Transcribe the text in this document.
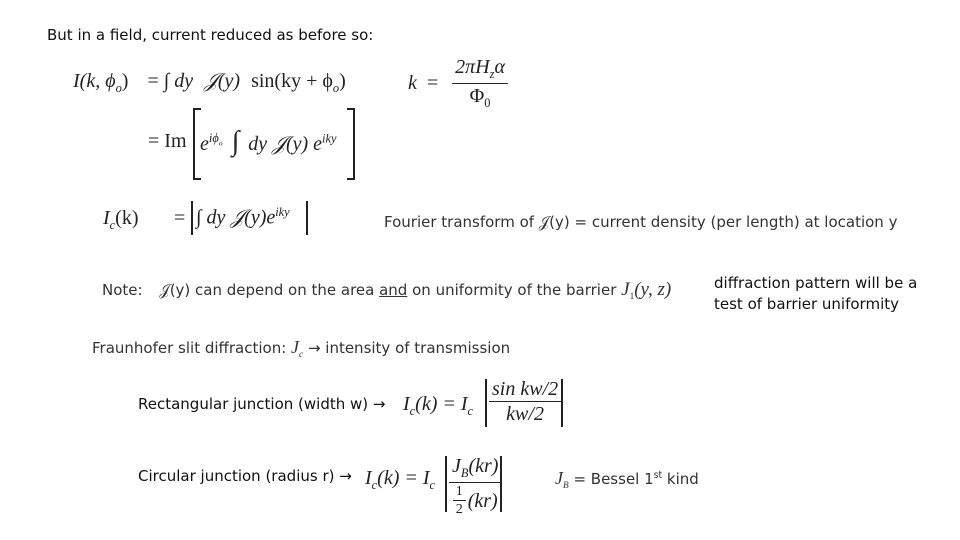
But in a field, current reduced as before so:
I(k, $\phi_o$) = ∫ dy 𝒥(y) $\sin(ky + \phi_o)$	$k = \frac{2\pi H_z\alpha}{\Phi_0}$
= Im $e^{i\phi_o}$ ∫ dy 𝒥(y) $e^{iky}$
$I_c(k)$ = ∫ dy $𝒥(y)e^{iky}$
Fourier transform of 𝒥(y) = current density (per length) at location y
Note: 𝒥(y) can depend on the area and on uniformity of the barrier $J_1(y$, z)	diffraction pattern will be a
test of barrier uniformity
Fraunhofer slit diffraction: $J_c$ → intensity of transmission
Rectangular junction (width $w) \to I_c(k) = I_c \frac{\text{sin kw/2}}{kw/2}$
Circular junction (radius $r) \to I_c(k) = I_c \frac{J_B(kr)}{\frac{1}{2} (kr)}$	$J_B$ = Bessel 1st kind
